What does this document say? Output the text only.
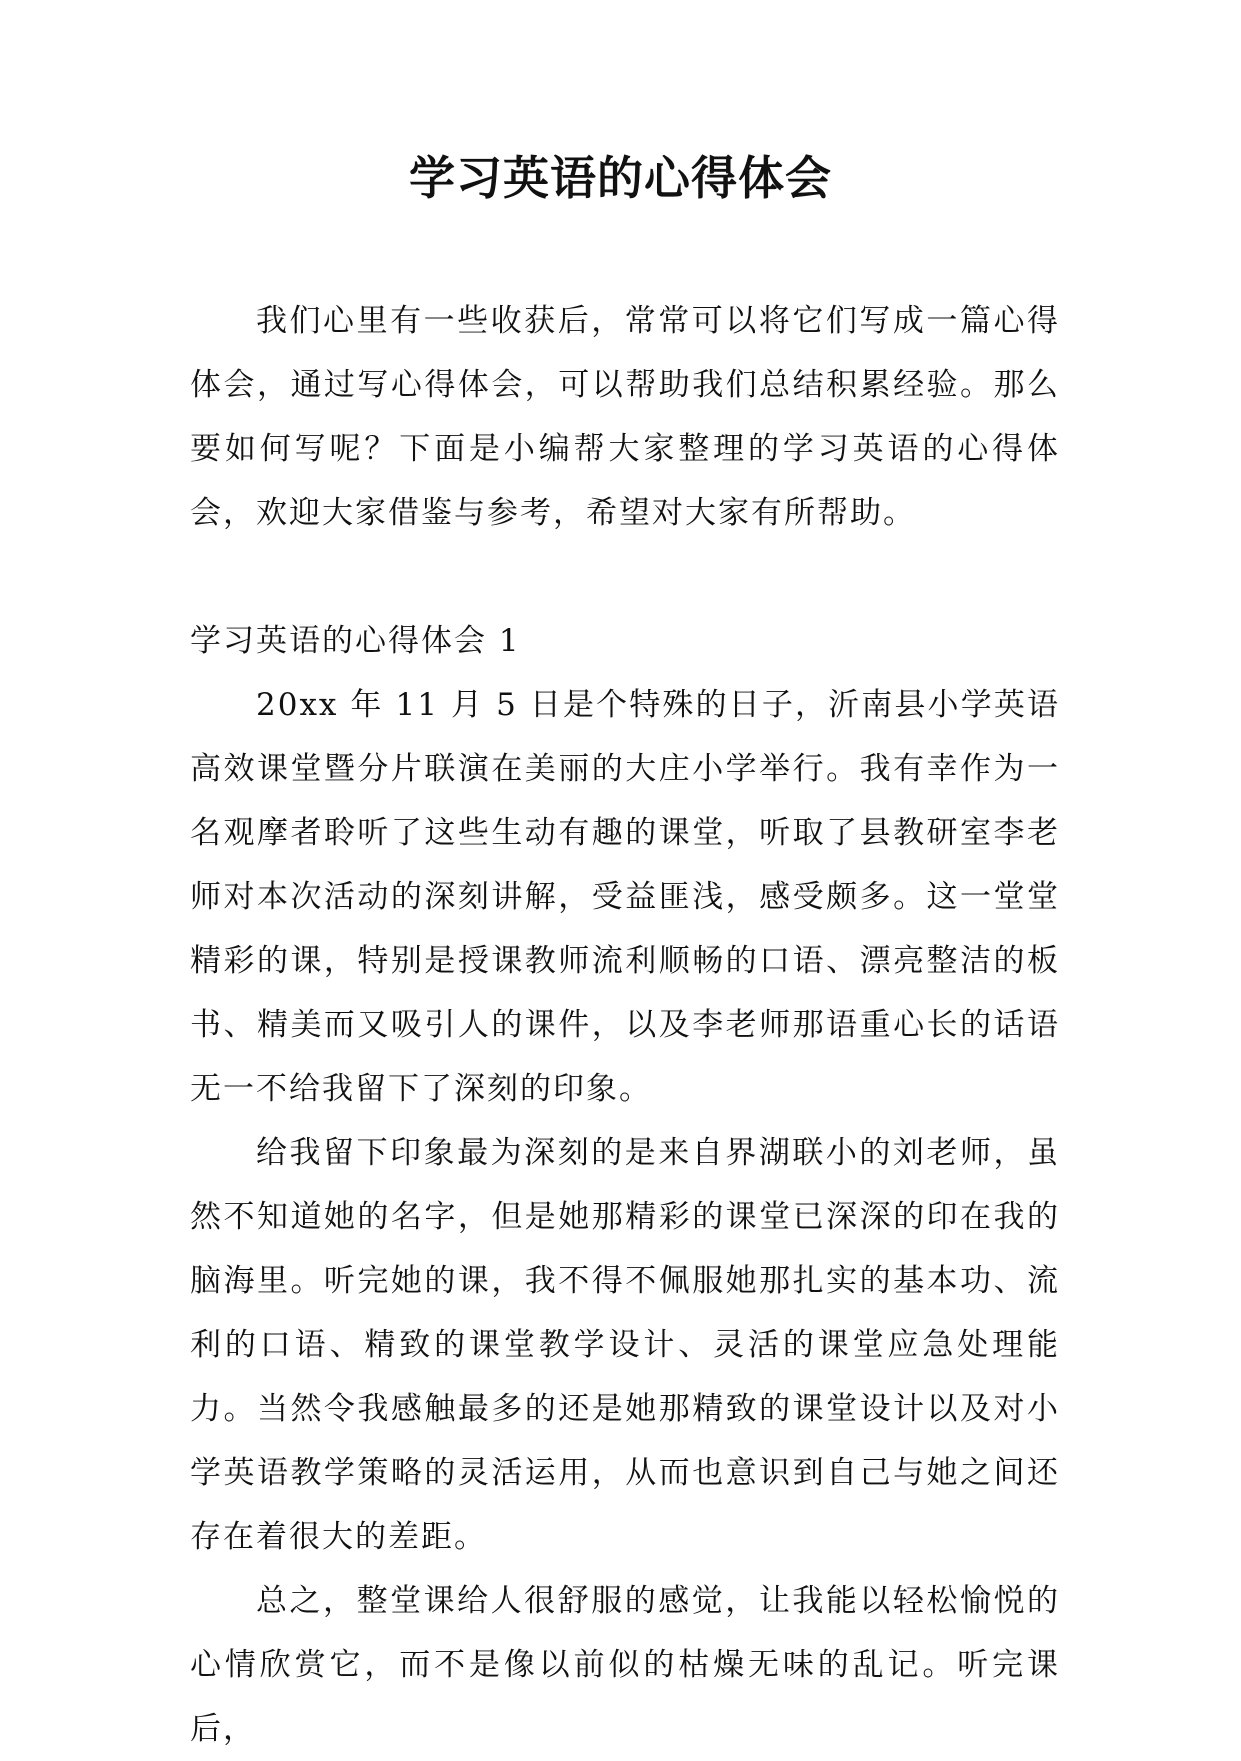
学习英语的心得体会

我们心里有一些收获后，常常可以将它们写成一篇心得体会，通过写心得体会，可以帮助我们总结积累经验。那么要如何写呢？下面是小编帮大家整理的学习英语的心得体会，欢迎大家借鉴与参考，希望对大家有所帮助。

学习英语的心得体会 1

20xx 年 11 月 5 日是个特殊的日子，沂南县小学英语高效课堂暨分片联演在美丽的大庄小学举行。我有幸作为一名观摩者聆听了这些生动有趣的课堂，听取了县教研室李老师对本次活动的深刻讲解，受益匪浅，感受颇多。这一堂堂精彩的课，特别是授课教师流利顺畅的口语、漂亮整洁的板书、精美而又吸引人的课件，以及李老师那语重心长的话语无一不给我留下了深刻的印象。

给我留下印象最为深刻的是来自界湖联小的刘老师，虽然不知道她的名字，但是她那精彩的课堂已深深的印在我的脑海里。听完她的课，我不得不佩服她那扎实的基本功、流利的口语、精致的课堂教学设计、灵活的课堂应急处理能力。当然令我感触最多的还是她那精致的课堂设计以及对小学英语教学策略的灵活运用，从而也意识到自己与她之间还存在着很大的差距。

总之，整堂课给人很舒服的感觉，让我能以轻松愉悦的心情欣赏它，而不是像以前似的枯燥无味的乱记。听完课后，
